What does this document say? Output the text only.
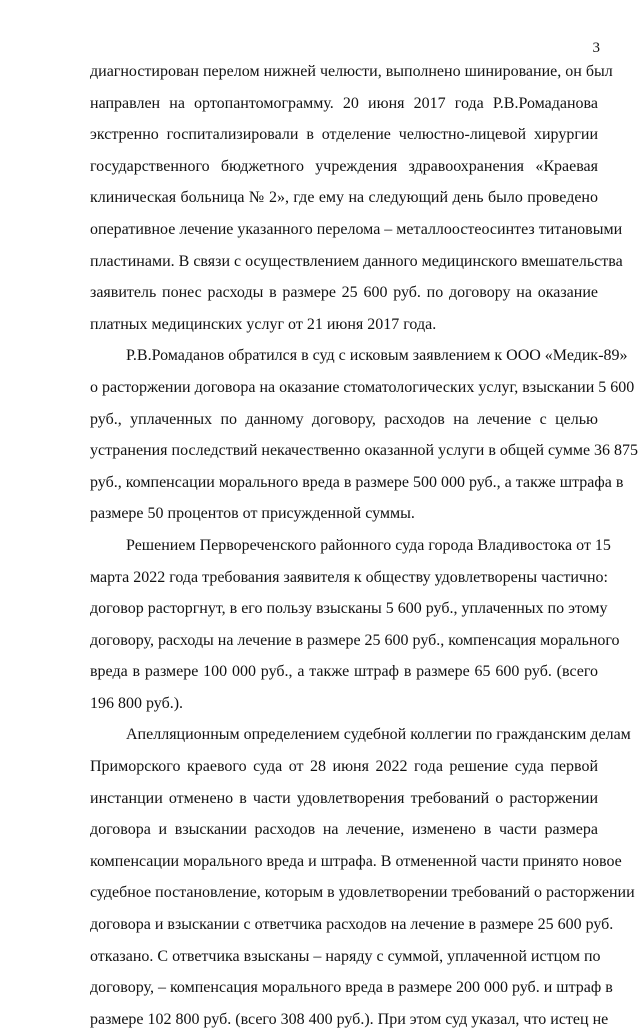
3

диагностирован перелом нижней челюсти, выполнено шинирование, он был
направлен на ортопантомограмму. 20 июня 2017 года Р.В.Ромаданова
экстренно госпитализировали в отделение челюстно-лицевой хирургии
государственного бюджетного учреждения здравоохранения «Краевая
клиническая больница № 2», где ему на следующий день было проведено
оперативное лечение указанного перелома – металлоостеосинтез титановыми
пластинами. В связи с осуществлением данного медицинского вмешательства
заявитель понес расходы в размере 25 600 руб. по договору на оказание
платных медицинских услуг от 21 июня 2017 года.

Р.В.Ромаданов обратился в суд с исковым заявлением к ООО «Медик-89»
о расторжении договора на оказание стоматологических услуг, взыскании 5 600
руб., уплаченных по данному договору, расходов на лечение с целью
устранения последствий некачественно оказанной услуги в общей сумме 36 875
руб., компенсации морального вреда в размере 500 000 руб., а также штрафа в
размере 50 процентов от присужденной суммы.

Решением Первореченского районного суда города Владивостока от 15
марта 2022 года требования заявителя к обществу удовлетворены частично:
договор расторгнут, в его пользу взысканы 5 600 руб., уплаченных по этому
договору, расходы на лечение в размере 25 600 руб., компенсация морального
вреда в размере 100 000 руб., а также штраф в размере 65 600 руб. (всего
196 800 руб.).

Апелляционным определением судебной коллегии по гражданским делам
Приморского краевого суда от 28 июня 2022 года решение суда первой
инстанции отменено в части удовлетворения требований о расторжении
договора и взыскании расходов на лечение, изменено в части размера
компенсации морального вреда и штрафа. В отмененной части принято новое
судебное постановление, которым в удовлетворении требований о расторжении
договора и взыскании с ответчика расходов на лечение в размере 25 600 руб.
отказано. С ответчика взысканы – наряду с суммой, уплаченной истцом по
договору, – компенсация морального вреда в размере 200 000 руб. и штраф в
размере 102 800 руб. (всего 308 400 руб.). При этом суд указал, что истец не
